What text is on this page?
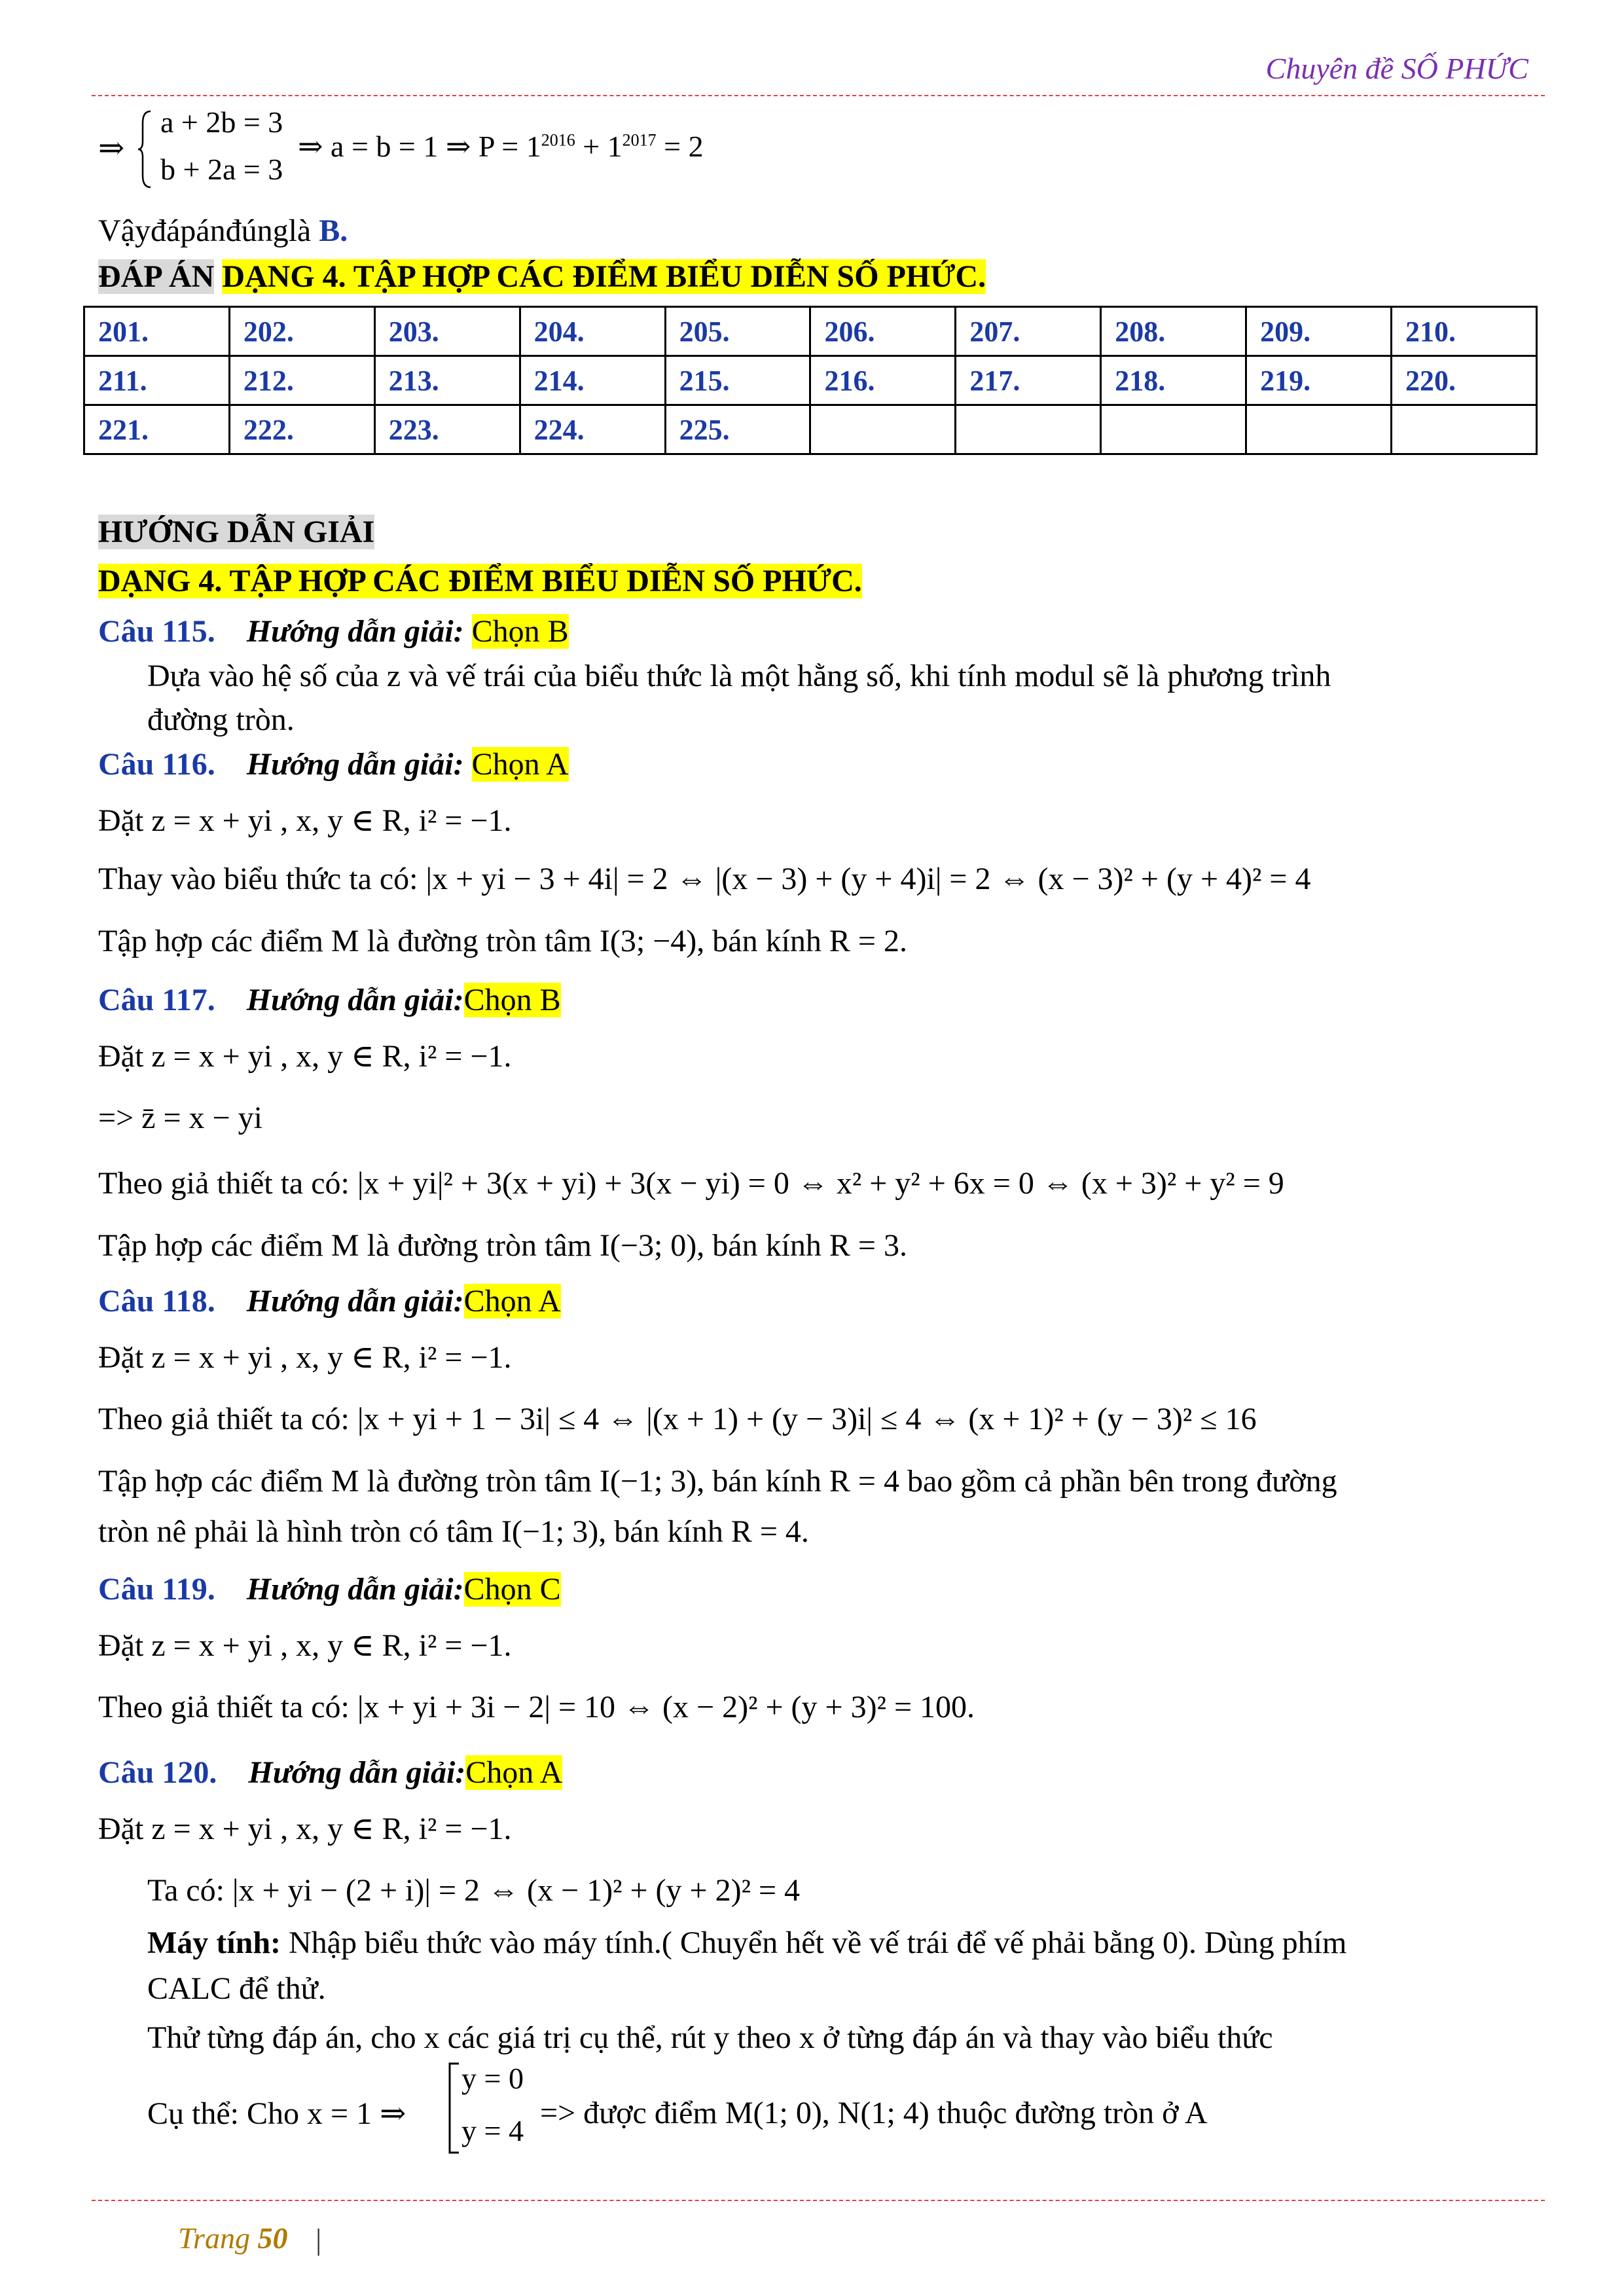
Chuyên đề SỐ PHỨC
⇒
a + 2b = 3
b + 2a = 3
⇒ a = b = 1 ⇒ $P = 1^{2016} + 1^{2017} = 2$
Vậyđápánđúnglà B.
ĐÁP ÁN DẠNG 4. TẬP HỢP CÁC ĐIỂM BIỂU DIỄN SỐ PHỨC.
201.	202.	203.	204.	205.	206.	207.	208.	209.	210.
211.	212.	213.	214.	215.	216.	217.	218.	219.	220.
221.	222.	223.	224.	225.					
HƯỚNG DẪN GIẢI
DẠNG 4. TẬP HỢP CÁC ĐIỂM BIỂU DIỄN SỐ PHỨC.
Câu 115. Hướng dẫn giải: Chọn B
Dựa vào hệ số của z và vế trái của biểu thức là một hằng số, khi tính modul sẽ là phương trình
đường tròn.
Câu 116. Hướng dẫn giải: Chọn A
Đặt z = x + yi , x, y ∈ R, i² = −1.
Thay vào biểu thức ta có: |x + yi − 3 + 4i| = 2 ⇔ |(x − 3) + (y + 4)i| = 2 ⇔ (x − 3)² + (y + 4)² = 4
Tập hợp các điểm M là đường tròn tâm I(3; −4), bán kính R = 2.
Câu 117. Hướng dẫn giải:Chọn B
Đặt z = x + yi , x, y ∈ R, i² = −1.
=> z̄ = x − yi
Theo giả thiết ta có: |x + yi|² + 3(x + yi) + 3(x − yi) = 0 ⇔ x² + y² + 6x = 0 ⇔ (x + 3)² + y² = 9
Tập hợp các điểm M là đường tròn tâm I(−3; 0), bán kính R = 3.
Câu 118. Hướng dẫn giải:Chọn A
Đặt z = x + yi , x, y ∈ R, i² = −1.
Theo giả thiết ta có: |x + yi + 1 − 3i| ≤ 4 ⇔ |(x + 1) + (y − 3)i| ≤ 4 ⇔ (x + 1)² + (y − 3)² ≤ 16
Tập hợp các điểm M là đường tròn tâm I(−1; 3), bán kính R = 4 bao gồm cả phần bên trong đường
tròn nê phải là hình tròn có tâm I(−1; 3), bán kính R = 4.
Câu 119. Hướng dẫn giải:Chọn C
Đặt z = x + yi , x, y ∈ R, i² = −1.
Theo giả thiết ta có: |x + yi + 3i − 2| = 10 ⇔ (x − 2)² + (y + 3)² = 100.
Câu 120. Hướng dẫn giải:Chọn A
Đặt z = x + yi , x, y ∈ R, i² = −1.
Ta có: |x + yi − (2 + i)| = 2 ⇔ (x − 1)² + (y + 2)² = 4
Máy tính: Nhập biểu thức vào máy tính.( Chuyển hết về vế trái để vế phải bằng 0). Dùng phím
CALC để thử.
Thử từng đáp án, cho x các giá trị cụ thể, rút y theo x ở từng đáp án và thay vào biểu thức
Cụ thể: Cho x = 1 ⇒
y = 0
y = 4
=> được điểm M(1; 0), N(1; 4) thuộc đường tròn ở A
Trang 50 |
